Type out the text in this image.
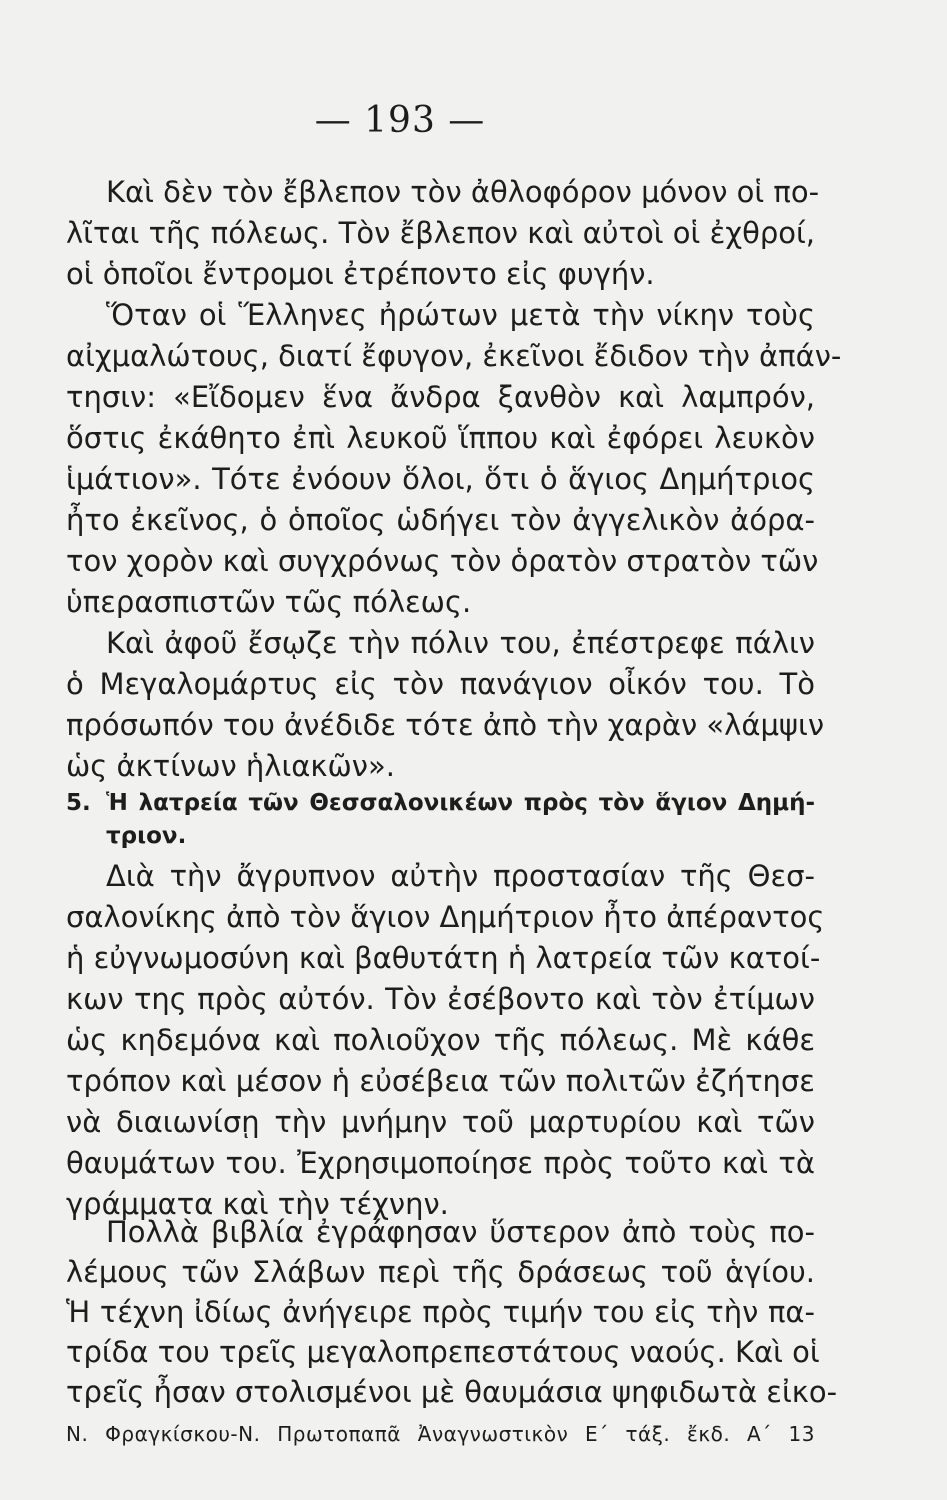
— 193 —
Καὶ δὲν τὸν ἔβλεπον τὸν ἀθλοφόρον μόνον οἱ πο-
λῖται τῆς πόλεως. Τὸν ἔβλεπον καὶ αὐτοὶ οἱ ἐχθροί,
οἱ ὁποῖοι ἔντρομοι ἐτρέποντο εἰς φυγήν.
Ὅταν οἱ Ἕλληνες ἠρώτων μετὰ τὴν νίκην τοὺς
αἰχμαλώτους, διατί ἔφυγον, ἐκεῖνοι ἔδιδον τὴν ἀπάν-
τησιν: «Εἴδομεν ἕνα ἄνδρα ξανθὸν καὶ λαμπρόν,
ὅστις ἐκάθητο ἐπὶ λευκοῦ ἵππου καὶ ἐφόρει λευκὸν
ἱμάτιον». Τότε ἐνόουν ὅλοι, ὅτι ὁ ἅγιος Δημήτριος
ἦτο ἐκεῖνος, ὁ ὁποῖος ὡδήγει τὸν ἀγγελικὸν ἀόρα-
τον χορὸν καὶ συγχρόνως τὸν ὁρατὸν στρατὸν τῶν
ὑπερασπιστῶν τῶς πόλεως.
Καὶ ἀφοῦ ἔσῳζε τὴν πόλιν του, ἐπέστρεφε πάλιν
ὁ Μεγαλομάρτυς εἰς τὸν πανάγιον οἶκόν του. Τὸ
πρόσωπόν του ἀνέδιδε τότε ἀπὸ τὴν χαρὰν «λάμψιν
ὡς ἀκτίνων ἡλιακῶν».
5. Ἡ λατρεία τῶν Θεσσαλονικέων πρὸς τὸν ἅγιον Δημή-
τριον.
Διὰ τὴν ἄγρυπνον αὐτὴν προστασίαν τῆς Θεσ-
σαλονίκης ἀπὸ τὸν ἅγιον Δημήτριον ἦτο ἀπέραντος
ἡ εὐγνωμοσύνη καὶ βαθυτάτη ἡ λατρεία τῶν κατοί-
κων της πρὸς αὐτόν. Τὸν ἐσέβοντο καὶ τὸν ἐτίμων
ὡς κηδεμόνα καὶ πολιοῦχον τῆς πόλεως. Μὲ κάθε
τρόπον καὶ μέσον ἡ εὐσέβεια τῶν πολιτῶν ἐζήτησε
νὰ διαιωνίσῃ τὴν μνήμην τοῦ μαρτυρίου καὶ τῶν
θαυμάτων του. Ἐχρησιμοποίησε πρὸς τοῦτο καὶ τὰ
γράμματα καὶ τὴν τέχνην.
Πολλὰ βιβλία ἐγράφησαν ὕστερον ἀπὸ τοὺς πο-
λέμους τῶν Σλάβων περὶ τῆς δράσεως τοῦ ἁγίου.
Ἡ τέχνη ἰδίως ἀνήγειρε πρὸς τιμήν του εἰς τὴν πα-
τρίδα του τρεῖς μεγαλοπρεπεστάτους ναούς. Καὶ οἱ
τρεῖς ἦσαν στολισμένοι μὲ θαυμάσια ψηφιδωτὰ εἰκο-
Ν. Φραγκίσκου-Ν. Πρωτοπαπᾶ Ἀναγνωστικὸν Ε΄ τάξ. ἔκδ. Α΄ 13
